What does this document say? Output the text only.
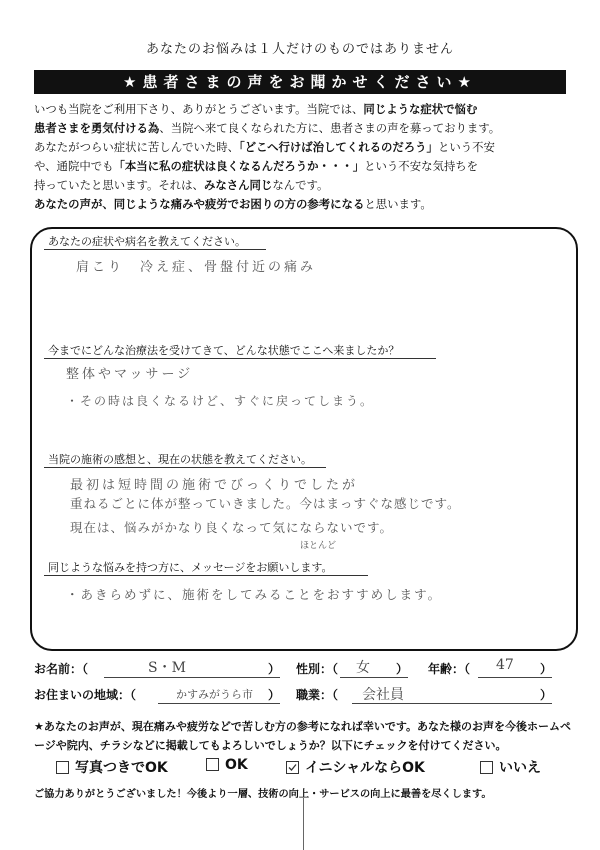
あなたのお悩みは１人だけのものではありません
★患者さまの声をお聞かせください★
いつも当院をご利用下さり、ありがとうございます。当院では、同じような症状で悩む
患者さまを勇気付ける為、当院へ来て良くなられた方に、患者さまの声を募っております。
あなたがつらい症状に苦しんでいた時、「どこへ行けば治してくれるのだろう」という不安
や、通院中でも「本当に私の症状は良くなるんだろうか・・・」という不安な気持ちを
持っていたと思います。それは、みなさん同じなんです。
あなたの声が、同じような痛みや疲労でお困りの方の参考になると思います。
あなたの症状や病名を教えてください。
肩こり　冷え症、骨盤付近の痛み
今までにどんな治療法を受けてきて、どんな状態でここへ来ましたか？
整体やマッサージ
・その時は良くなるけど、すぐに戻ってしまう。
当院の施術の感想と、現在の状態を教えてください。
最初は短時間の施術でびっくりでしたが
重ねるごとに体が整っていきました。今はまっすぐな感じです。
現在は、悩みがかなり良くなって気にならないです。
ほとんど
同じような悩みを持つ方に、メッセージをお願いします。
・あきらめずに、施術をしてみることをおすすめします。
お名前：（	S・M	） 性別：（ 女 ） 年齢：（ 47 ）
お住まいの地域：（	かすみがうら市 ） 職業：（ 会社員	）
★あなたのお声が、現在痛みや疲労などで苦しむ方の参考になれば幸いです。あなた様のお声を今後ホームページや院内、チラシなどに掲載してもよろしいでしょうか？以下にチェックを付けてください。
写真つきでOK	OK	イニシャルならOK	いいえ
ご協力ありがとうございました！今後より一層、技術の向上・サービスの向上に最善を尽くします。
